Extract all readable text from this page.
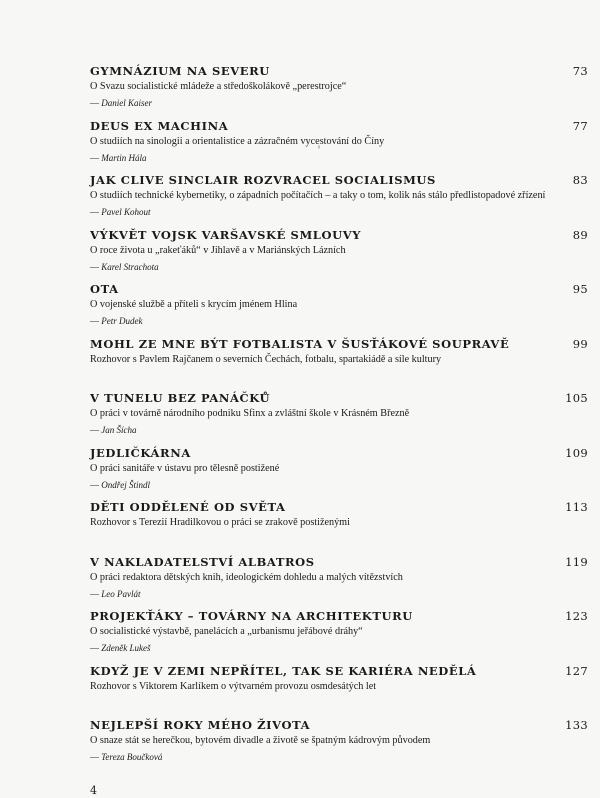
GYMNÁZIUM NA SEVERU	73
O Svazu socialistické mládeže a středoškolákově „perestrojce“
— Daniel Kaiser
DEUS EX MACHINA	77
O studiích na sinologii a orientalistice a zázračném vycestování do Číny
— Martin Hála
JAK CLIVE SINCLAIR ROZVRACEL SOCIALISMUS	83
O studiích technické kybernetiky, o západních počítačích – a taky o tom, kolik nás stálo předlistopadové zřízení
— Pavel Kohout
VÝKVĚT VOJSK VARŠAVSKÉ SMLOUVY	89
O roce života u „rakeťáků“ v Jihlavě a v Mariánských Lázních
— Karel Strachota
OTA	95
O vojenské službě a příteli s krycím jménem Hlina
— Petr Dudek
MOHL ZE MNE BÝT FOTBALISTA V ŠUSŤÁKOVÉ SOUPRAVĚ	99
Rozhovor s Pavlem Rajčanem o severních Čechách, fotbalu, spartakiádě a síle kultury
V TUNELU BEZ PANÁČKŮ	105
O práci v továrně národního podniku Sfinx a zvláštní škole v Krásném Březně
— Jan Šícha
JEDLIČKÁRNA	109
O práci sanitáře v ústavu pro tělesně postižené
— Ondřej Štindl
DĚTI ODDĚLENÉ OD SVĚTA	113
Rozhovor s Terezií Hradilkovou o práci se zrakově postiženými
V NAKLADATELSTVÍ ALBATROS	119
O práci redaktora dětských knih, ideologickém dohledu a malých vítězstvích
— Leo Pavlát
PROJEKŤÁKY – TOVÁRNY NA ARCHITEKTURU	123
O socialistické výstavbě, panelácích a „urbanismu jeřábové dráhy“
— Zdeněk Lukeš
KDYŽ JE V ZEMI NEPŘÍTEL, TAK SE KARIÉRA NEDĚLÁ	127
Rozhovor s Viktorem Karlíkem o výtvarném provozu osmdesátých let
NEJLEPŠÍ ROKY MÉHO ŽIVOTA	133
O snaze stát se herečkou, bytovém divadle a životě se špatným kádrovým původem
— Tereza Boučková
ᵎ
4
